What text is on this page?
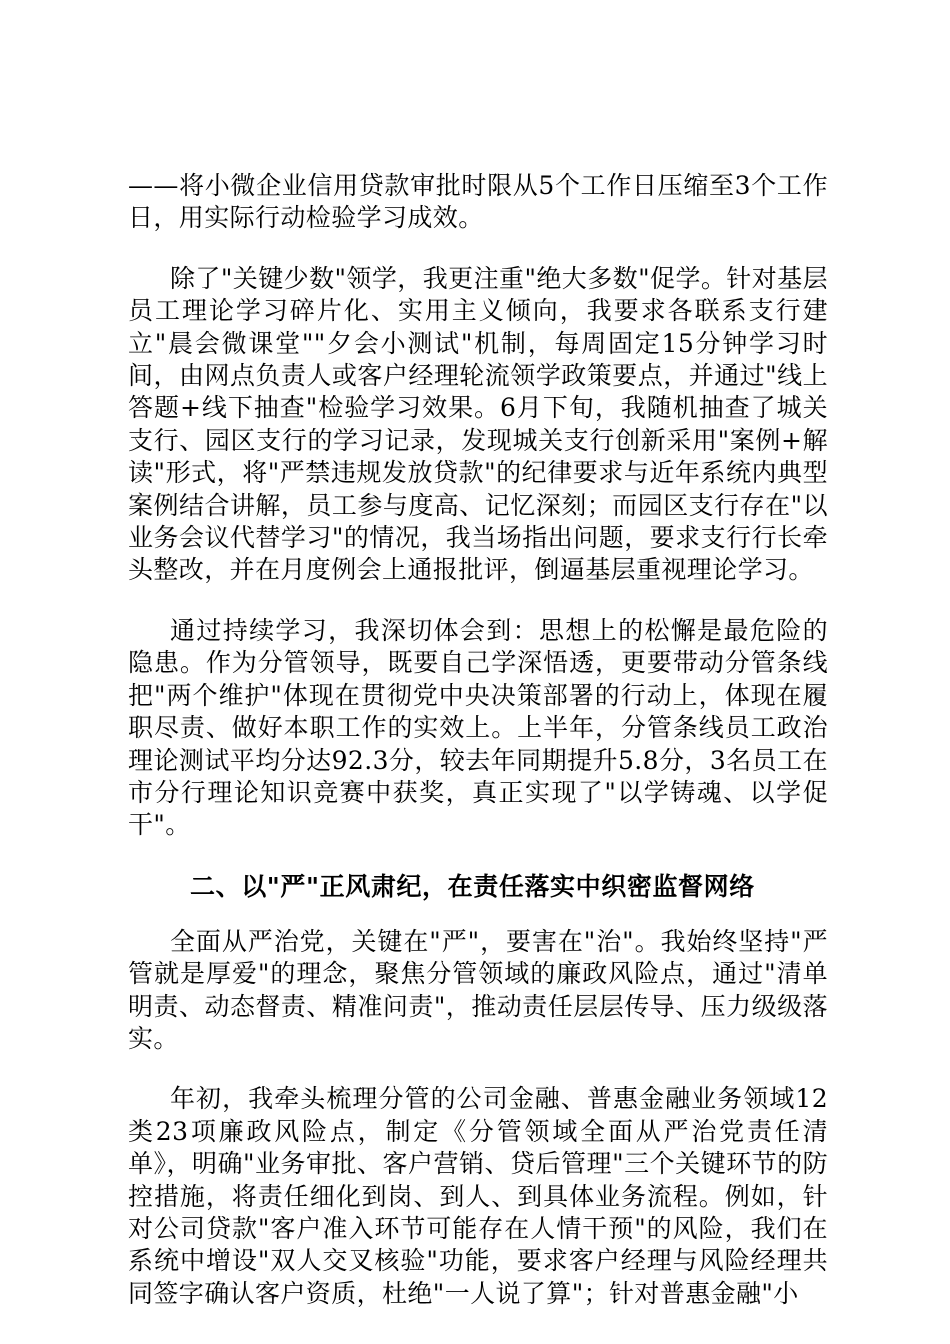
——将小微企业信用贷款审批时限从5个工作日压缩至3个工作日，用实际行动检验学习成效。

除了"关键少数"领学，我更注重"绝大多数"促学。针对基层员工理论学习碎片化、实用主义倾向，我要求各联系支行建立"晨会微课堂""夕会小测试"机制，每周固定15分钟学习时间，由网点负责人或客户经理轮流领学政策要点，并通过"线上答题+线下抽查"检验学习效果。6月下旬，我随机抽查了城关支行、园区支行的学习记录，发现城关支行创新采用"案例+解读"形式，将"严禁违规发放贷款"的纪律要求与近年系统内典型案例结合讲解，员工参与度高、记忆深刻；而园区支行存在"以业务会议代替学习"的情况，我当场指出问题，要求支行行长牵头整改，并在月度例会上通报批评，倒逼基层重视理论学习。

通过持续学习，我深切体会到：思想上的松懈是最危险的隐患。作为分管领导，既要自己学深悟透，更要带动分管条线把"两个维护"体现在贯彻党中央决策部署的行动上，体现在履职尽责、做好本职工作的实效上。上半年，分管条线员工政治理论测试平均分达92.3分，较去年同期提升5.8分，3名员工在市分行理论知识竞赛中获奖，真正实现了"以学铸魂、以学促干"。

二、以"严"正风肃纪，在责任落实中织密监督网络

全面从严治党，关键在"严"，要害在"治"。我始终坚持"严管就是厚爱"的理念，聚焦分管领域的廉政风险点，通过"清单明责、动态督责、精准问责"，推动责任层层传导、压力级级落实。

年初，我牵头梳理分管的公司金融、普惠金融业务领域12类23项廉政风险点，制定《分管领域全面从严治党责任清单》，明确"业务审批、客户营销、贷后管理"三个关键环节的防控措施，将责任细化到岗、到人、到具体业务流程。例如，针对公司贷款"客户准入环节可能存在人情干预"的风险，我们在系统中增设"双人交叉核验"功能，要求客户经理与风险经理共同签字确认客户资质，杜绝"一人说了算"；针对普惠金融"小
